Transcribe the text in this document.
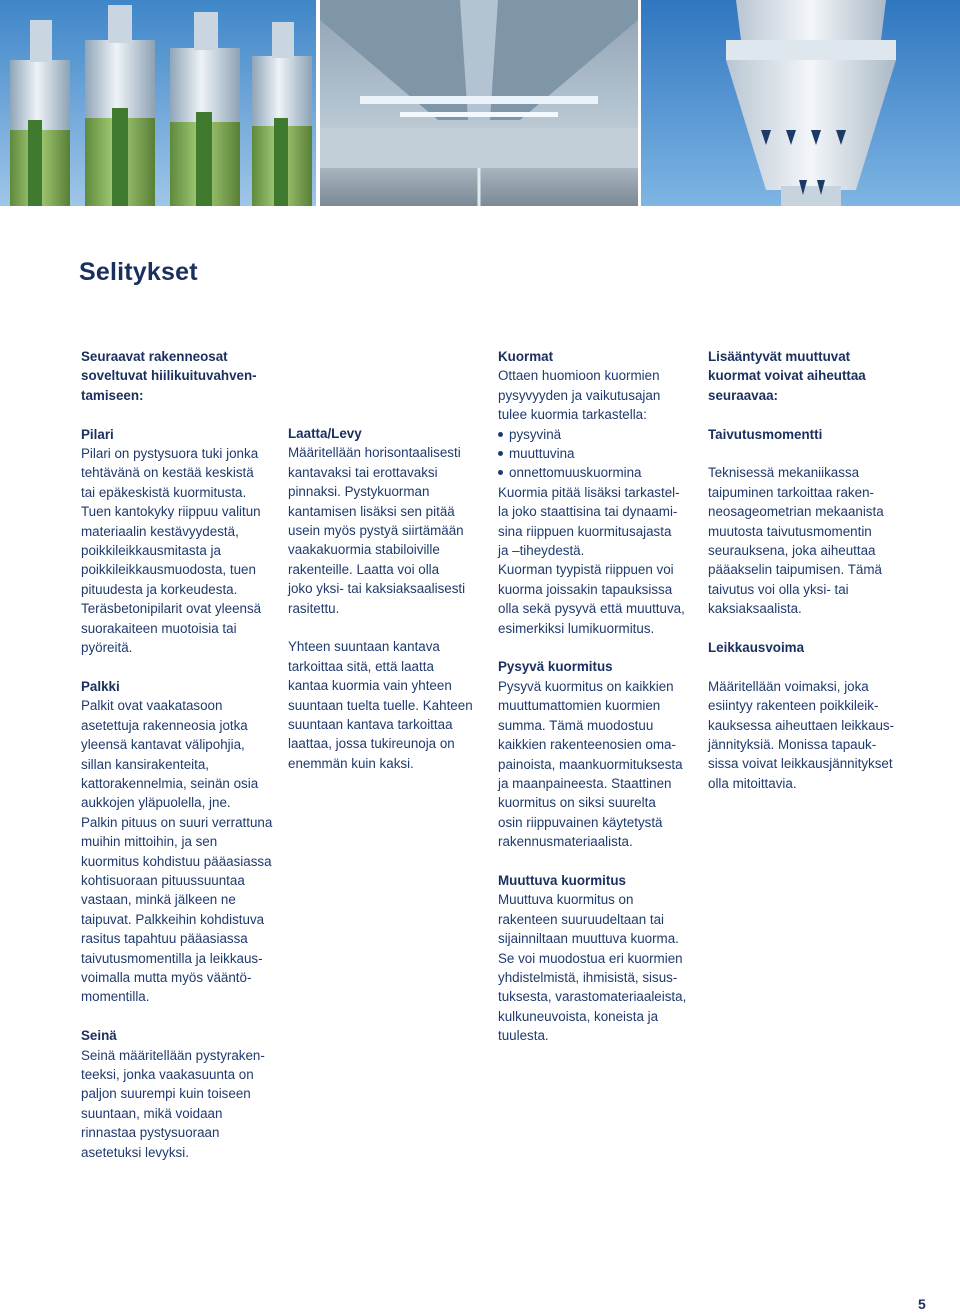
Selitykset

Seuraavat rakenneosat
soveltuvat hiilikuituvahven-
tamiseen:

Pilari

Pilari on pystysuora tuki jonka
tehtävänä on kestää keskistä
tai epäkeskistä kuormitusta.
Tuen kantokyky riippuu valitun
materiaalin kestävyydestä,
poikkileikkausmitasta ja
poikkileikkausmuodosta, tuen
pituudesta ja korkeudesta.
Teräsbetonipilarit ovat yleensä
suorakaiteen muotoisia tai
pyöreitä.

Palkki

Palkit ovat vaakatasoon
asetettuja rakenneosia jotka
yleensä kantavat välipohjia,
sillan kansirakenteita,
kattorakennelmia, seinän osia
aukkojen yläpuolella, jne.
Palkin pituus on suuri verrattuna
muihin mittoihin, ja sen
kuormitus kohdistuu pääasiassa
kohtisuoraan pituussuuntaa
vastaan, minkä jälkeen ne
taipuvat. Palkkeihin kohdistuva
rasitus tapahtuu pääasiassa
taivutusmomentilla ja leikkaus-
voimalla mutta myös vääntö-
momentilla.

Seinä

Seinä määritellään pystyraken-
teeksi, jonka vaakasuunta on
paljon suurempi kuin toiseen
suuntaan, mikä voidaan
rinnastaa pystysuoraan
asetetuksi levyksi.

Laatta/Levy

Määritellään horisontaalisesti
kantavaksi tai erottavaksi
pinnaksi. Pystykuorman
kantamisen lisäksi sen pitää
usein myös pystyä siirtämään
vaakakuormia stabiloiville
rakenteille. Laatta voi olla
joko yksi- tai kaksiaksaalisesti
rasitettu.

Yhteen suuntaan kantava
tarkoittaa sitä, että laatta
kantaa kuormia vain yhteen
suuntaan tuelta tuelle. Kahteen
suuntaan kantava tarkoittaa
laattaa, jossa tukireunoja on
enemmän kuin kaksi.

Kuormat

Ottaen huomioon kuormien
pysyvyyden ja vaikutusajan
tulee kuormia tarkastella:

pysyvinä
muuttuvina
onnettomuuskuormina

Kuormia pitää lisäksi tarkastel-
la joko staattisina tai dynaami-
sina riippuen kuormitusajasta
ja –tiheydestä.
Kuorman tyypistä riippuen voi
kuorma joissakin tapauksissa
olla sekä pysyvä että muuttuva,
esimerkiksi lumikuormitus.

Pysyvä kuormitus

Pysyvä kuormitus on kaikkien
muuttumattomien kuormien
summa. Tämä muodostuu
kaikkien rakenteenosien oma-
painoista, maankuormituksesta
ja maanpaineesta. Staattinen
kuormitus on siksi suurelta
osin riippuvainen käytetystä
rakennusmateriaalista.

Muuttuva kuormitus

Muuttuva kuormitus on
rakenteen suuruudeltaan tai
sijainniltaan muuttuva kuorma.
Se voi muodostua eri kuormien
yhdistelmistä, ihmisistä, sisus-
tuksesta, varastomateriaaleista,
kulkuneuvoista, koneista ja
tuulesta.

Lisääntyvät muuttuvat
kuormat voivat aiheuttaa
seuraavaa:

Taivutusmomentti

Teknisessä mekaniikassa
taipuminen tarkoittaa raken-
neosageometrian mekaanista
muutosta taivutusmomentin
seurauksena, joka aiheuttaa
pääakselin taipumisen. Tämä
taivutus voi olla yksi- tai
kaksiaksaalista.

Leikkausvoima

Määritellään voimaksi, joka
esiintyy rakenteen poikkileik-
kauksessa aiheuttaen leikkaus-
jännityksiä. Monissa tapauk-
sissa voivat leikkausjännitykset
olla mitoittavia.

5
